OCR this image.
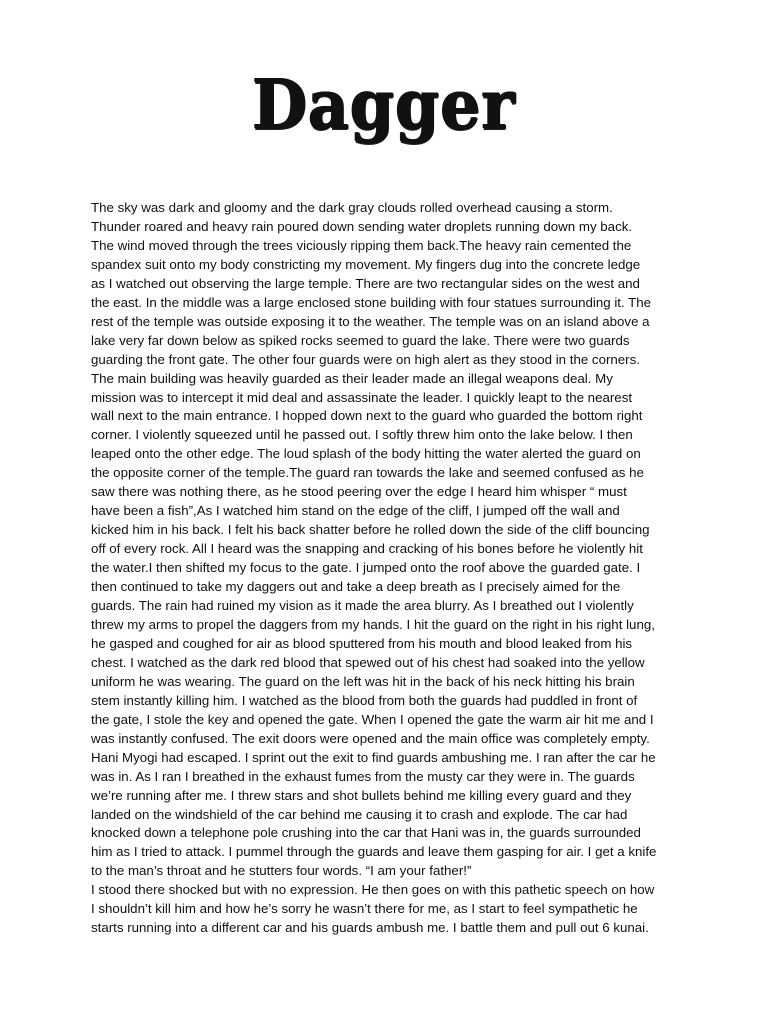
Dagger
The sky was dark and gloomy and the dark gray clouds rolled overhead causing a storm.
Thunder roared and heavy rain poured down sending water droplets running down my back.
The wind moved through the trees viciously ripping them back.The heavy rain cemented the
spandex suit onto my body constricting my movement. My fingers dug into the concrete ledge
as I watched out observing the large temple. There are two rectangular sides on the west and
the east. In the middle was a large enclosed stone building with four statues surrounding it. The
rest of the temple was outside exposing it to the weather. The temple was on an island above a
lake very far down below as spiked rocks seemed to guard the lake. There were two guards
guarding the front gate. The other four guards were on high alert as they stood in the corners.
The main building was heavily guarded as their leader made an illegal weapons deal. My
mission was to intercept it mid deal and assassinate the leader. I quickly leapt to the nearest
wall next to the main entrance. I hopped down next to the guard who guarded the bottom right
corner. I violently squeezed until he passed out. I softly threw him onto the lake below. I then
leaped onto the other edge. The loud splash of the body hitting the water alerted the guard on
the opposite corner of the temple.The guard ran towards the lake and seemed confused as he
saw there was nothing there, as he stood peering over the edge I heard him whisper “ must
have been a fish”,As I watched him stand on the edge of the cliff, I jumped off the wall and
kicked him in his back. I felt his back shatter before he rolled down the side of the cliff bouncing
off of every rock. All I heard was the snapping and cracking of his bones before he violently hit
the water.I then shifted my focus to the gate. I jumped onto the roof above the guarded gate. I
then continued to take my daggers out and take a deep breath as I precisely aimed for the
guards. The rain had ruined my vision as it made the area blurry. As I breathed out I violently
threw my arms to propel the daggers from my hands. I hit the guard on the right in his right lung,
he gasped and coughed for air as blood sputtered from his mouth and blood leaked from his
chest. I watched as the dark red blood that spewed out of his chest had soaked into the yellow
uniform he was wearing. The guard on the left was hit in the back of his neck hitting his brain
stem instantly killing him. I watched as the blood from both the guards had puddled in front of
the gate, I stole the key and opened the gate. When I opened the gate the warm air hit me and I
was instantly confused. The exit doors were opened and the main office was completely empty.
Hani Myogi had escaped. I sprint out the exit to find guards ambushing me. I ran after the car he
was in. As I ran I breathed in the exhaust fumes from the musty car they were in. The guards
we’re running after me. I threw stars and shot bullets behind me killing every guard and they
landed on the windshield of the car behind me causing it to crash and explode. The car had
knocked down a telephone pole crushing into the car that Hani was in, the guards surrounded
him as I tried to attack. I pummel through the guards and leave them gasping for air. I get a knife
to the man’s throat and he stutters four words. “I am your father!”
I stood there shocked but with no expression. He then goes on with this pathetic speech on how
I shouldn’t kill him and how he’s sorry he wasn’t there for me, as I start to feel sympathetic he
starts running into a different car and his guards ambush me. I battle them and pull out 6 kunai.
